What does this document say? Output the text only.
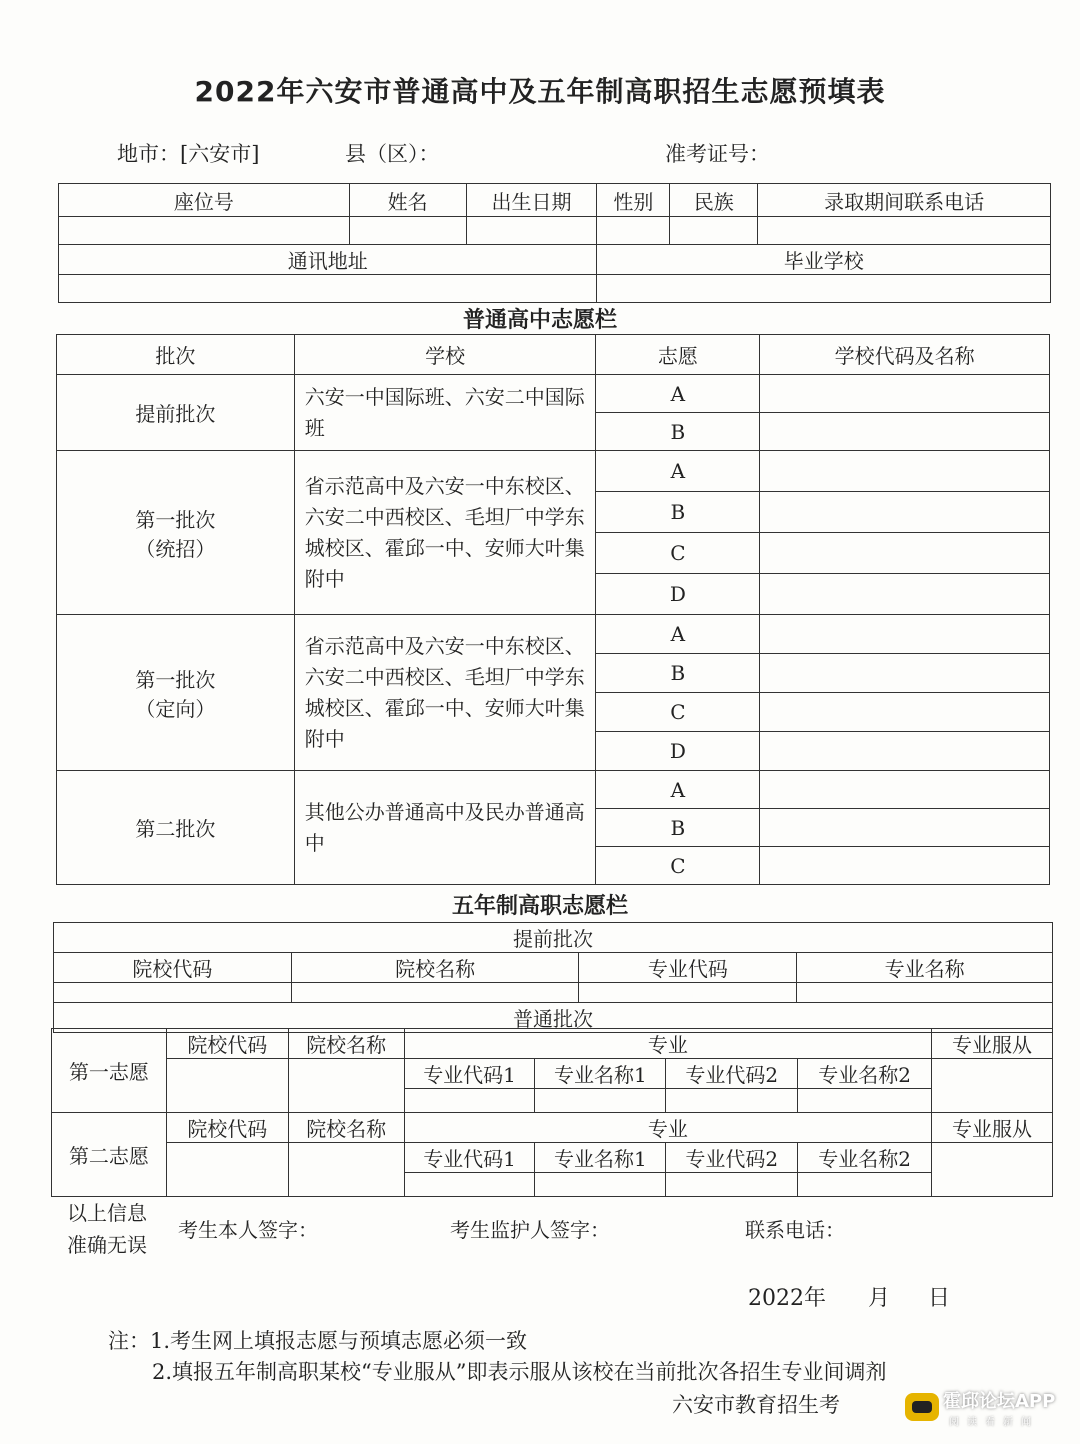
2022年六安市普通高中及五年制高职招生志愿预填表
地市：[六安市]	县（区）：	准考证号：
座位号	姓名	出生日期	性别	民族	录取期间联系电话

通讯地址			毕业学校		

普通高中志愿栏
批次	学校	志愿	学校代码及名称
提前批次	六安一中国际班、六安二中国际班	A	
		B	
第一批次
（统招）	省示范高中及六安一中东校区、六安二中西校区、毛坦厂中学东城校区、霍邱一中、安师大叶集附中	A	
		B	
		C	
		D	
第一批次
（定向）	省示范高中及六安一中东校区、六安二中西校区、毛坦厂中学东城校区、霍邱一中、安师大叶集附中	A	
		B	
		C	
		D	
第二批次	其他公办普通高中及民办普通高中	A	
		B	
		C	
五年制高职志愿栏
提前批次			
院校代码	院校名称	专业代码	专业名称

普通批次			
第一志愿	院校代码	院校名称	专业				专业服从
			专业代码1	专业名称1	专业代码2	专业名称2	

第二志愿	院校代码	院校名称	专业				专业服从
			专业代码1	专业名称1	专业代码2	专业名称2	

以上信息
准确无误
考生本人签字：	考生监护人签字：	联系电话：
2022年 月 日
注：1.考生网上填报志愿与预填志愿必须一致
2.填报五年制高职某校“专业服从”即表示服从该校在当前批次各招生专业间调剂
六安市教育招生考	霍邱论坛APP
阅读看新闻
